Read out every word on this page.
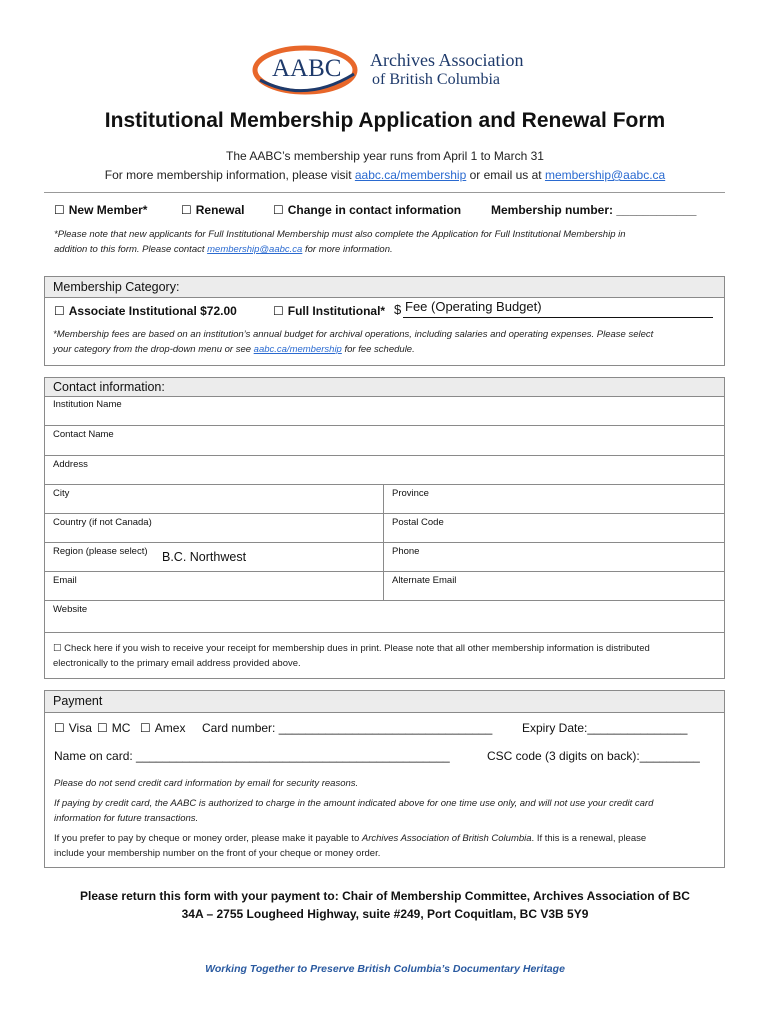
AABC Archives Association
of British Columbia
Institutional Membership Application and Renewal Form
The AABC’s membership year runs from April 1 to March 31
For more membership information, please visit aabc.ca/membership or email us at membership@aabc.ca
☐ New Member*	☐ Renewal ☐ Change in contact information Membership number: ____________
*Please note that new applicants for Full Institutional Membership must also complete the Application for Full Institutional Membership in
addition to this form. Please contact membership@aabc.ca for more information.
Membership Category:
☐ Associate Institutional $72.00	☐ Full Institutional* $ Fee (Operating Budget)
*Membership fees are based on an institution’s annual budget for archival operations, including salaries and operating expenses. Please select
your category from the drop-down menu or see aabc.ca/membership for fee schedule.
Contact information:
Institution Name
Contact Name
Address
City	Province
Country (if not Canada)	Postal Code
Region (please select) B.C. Northwest	Phone
Email	Alternate Email
Website
☐ Check here if you wish to receive your receipt for membership dues in print. Please note that all other membership information is distributed
electronically to the primary email address provided above.
Payment
☐ Visa ☐ MC ☐ Amex Card number: ________________________________ Expiry Date:_______________
Name on card: _______________________________________________	CSC code (3 digits on back):_________
Please do not send credit card information by email for security reasons.
If paying by credit card, the AABC is authorized to charge in the amount indicated above for one time use only, and will not use your credit card
information for future transactions.
If you prefer to pay by cheque or money order, please make it payable to Archives Association of British Columbia. If this is a renewal, please
include your membership number on the front of your cheque or money order.
Please return this form with your payment to: Chair of Membership Committee, Archives Association of BC
34A – 2755 Lougheed Highway, suite #249, Port Coquitlam, BC V3B 5Y9
Working Together to Preserve British Columbia’s Documentary Heritage
